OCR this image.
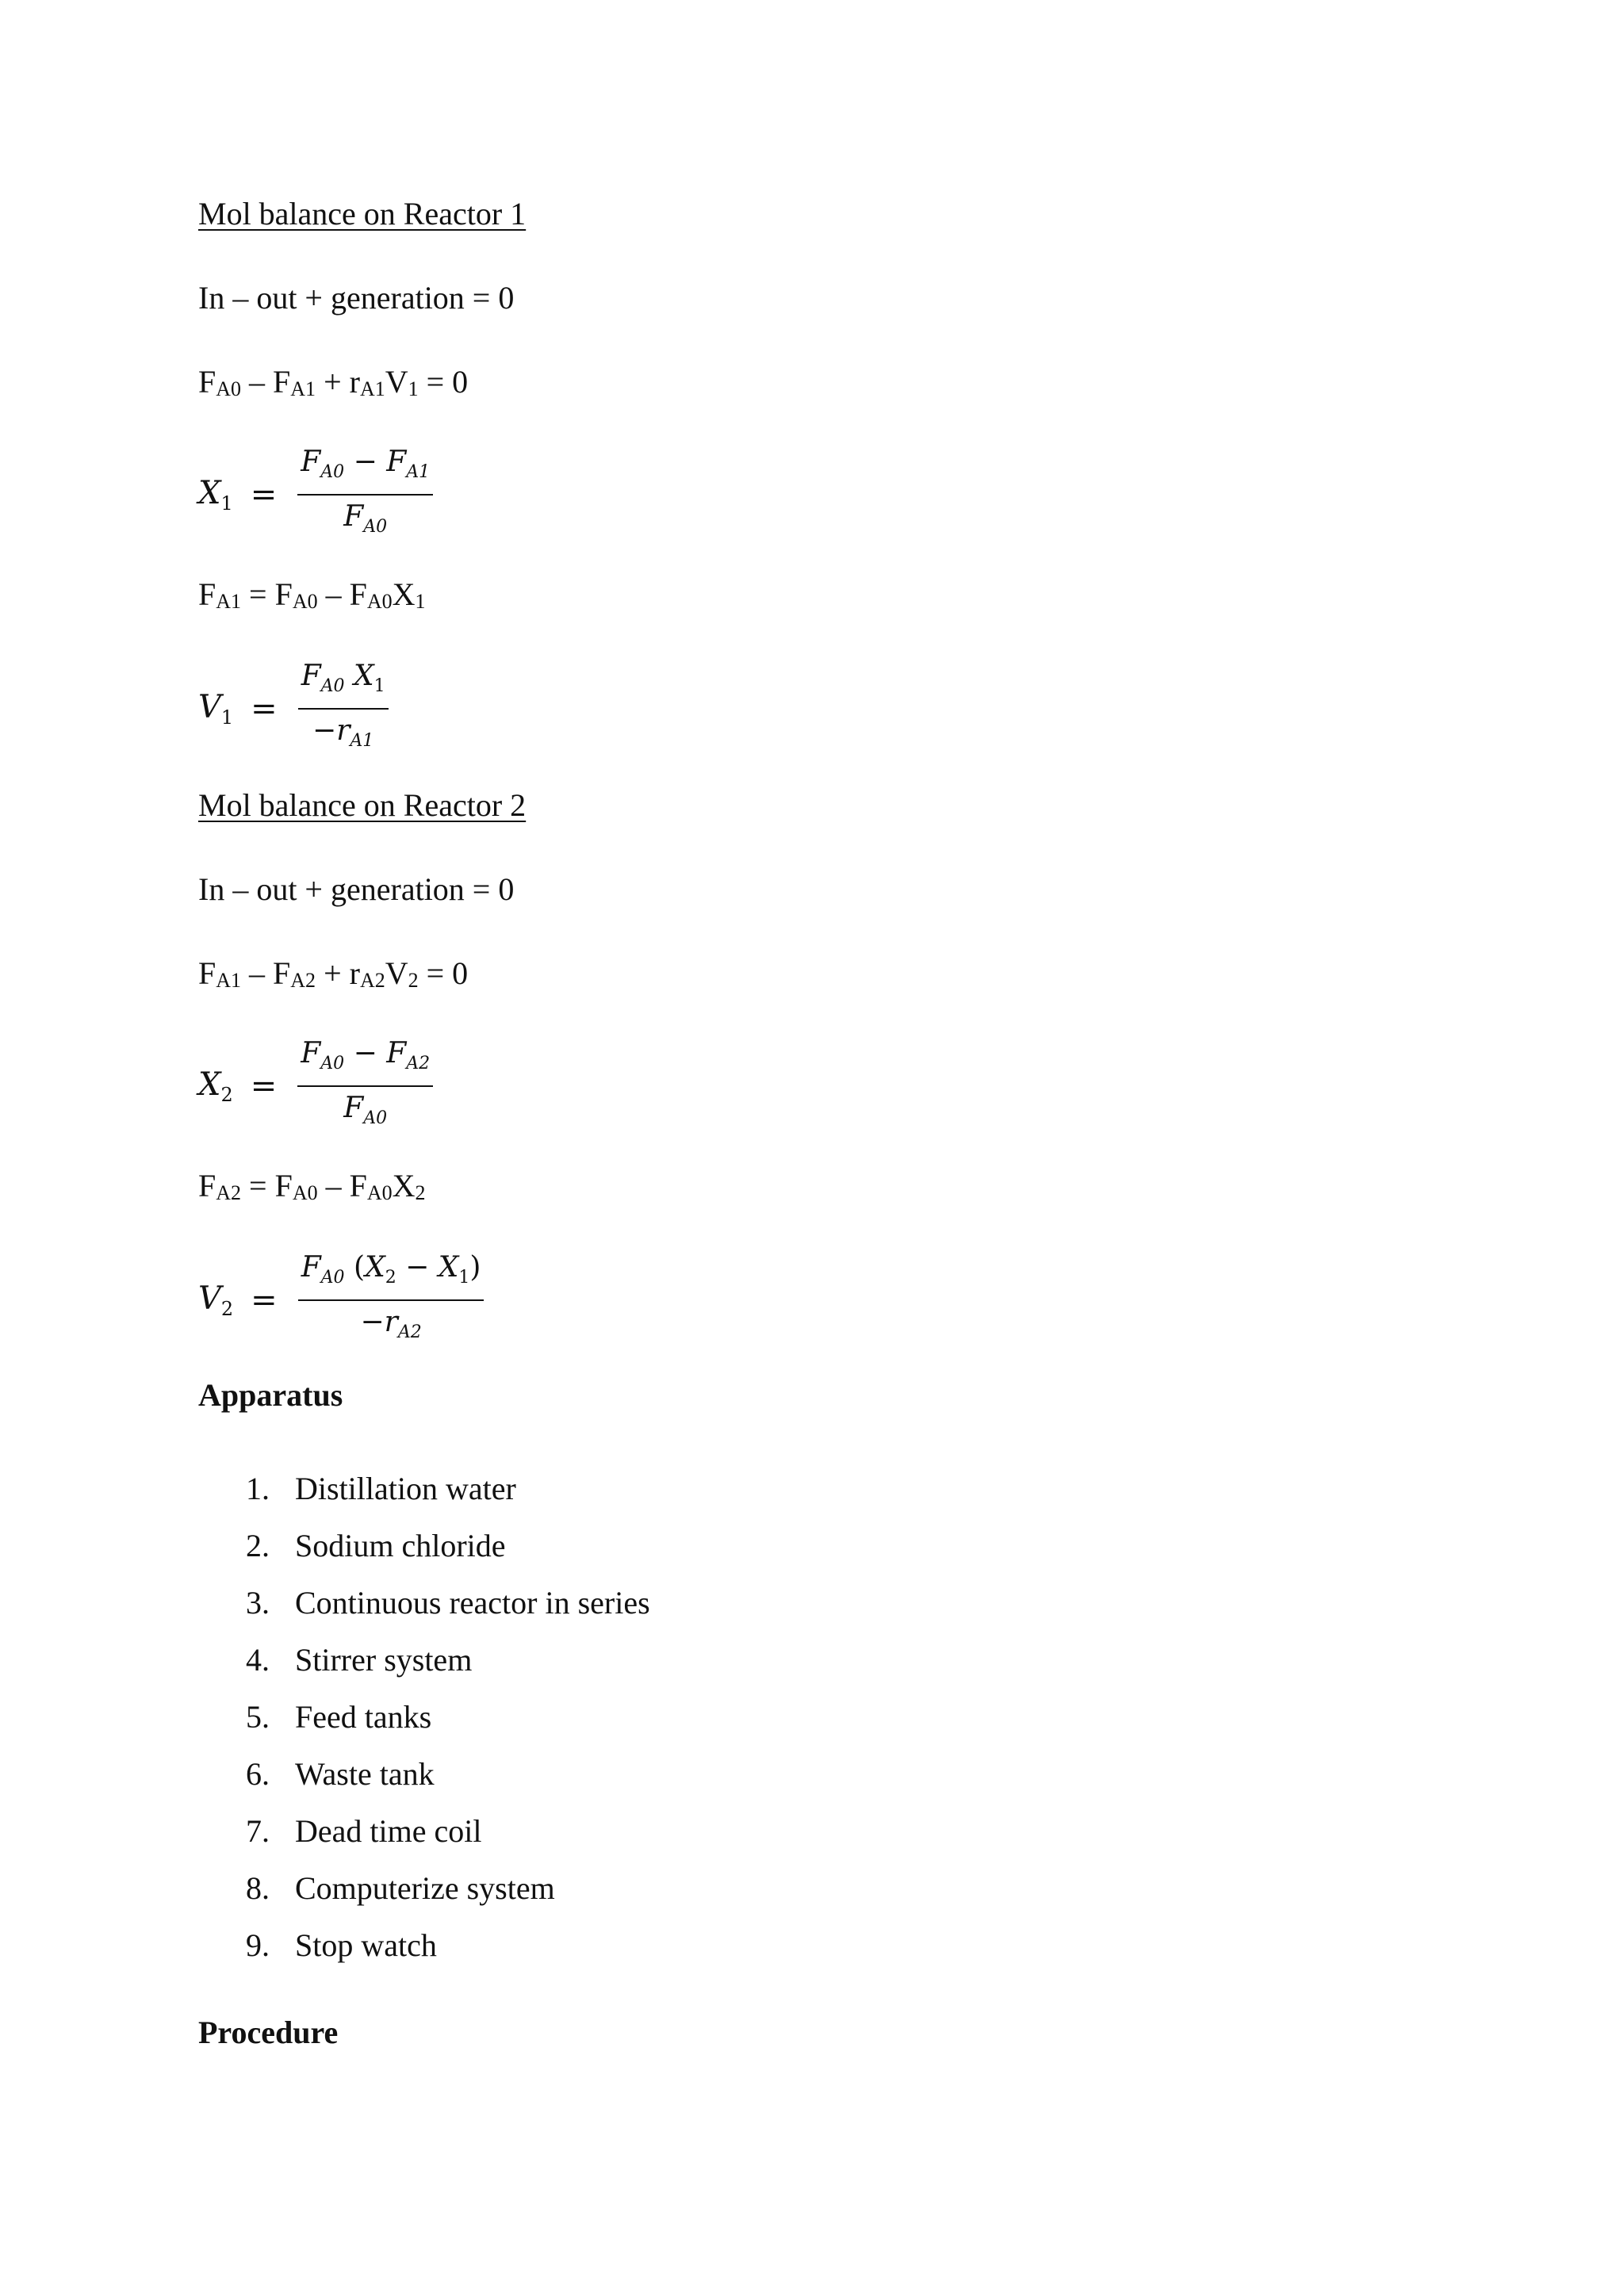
Mol balance on Reactor 1
In – out + generation = 0
$F_{A0} - F_{A1} + r_{A1}V_1 = 0$
$X_1 = \frac{F_{A0} - F_{A1}}{F_{A0}}$
$F_{A1} = F_{A0} - F_{A0}X_1$
$V_1 = \frac{F_{A0} X_1}{-r_{A1}}$
Mol balance on Reactor 2
In – out + generation = 0
$F_{A1} - F_{A2} + r_{A2}V_2 = 0$
$X_2 = \frac{F_{A0} - F_{A2}}{F_{A0}}$
$F_{A2} = F_{A0} - F_{A0}X_2$
$V_2 = \frac{F_{A0} (X_2 - X_1)}{-r_{A2}}$
Apparatus
1. Distillation water
2. Sodium chloride
3. Continuous reactor in series
4. Stirrer system
5. Feed tanks
6. Waste tank
7. Dead time coil
8. Computerize system
9. Stop watch
Procedure
